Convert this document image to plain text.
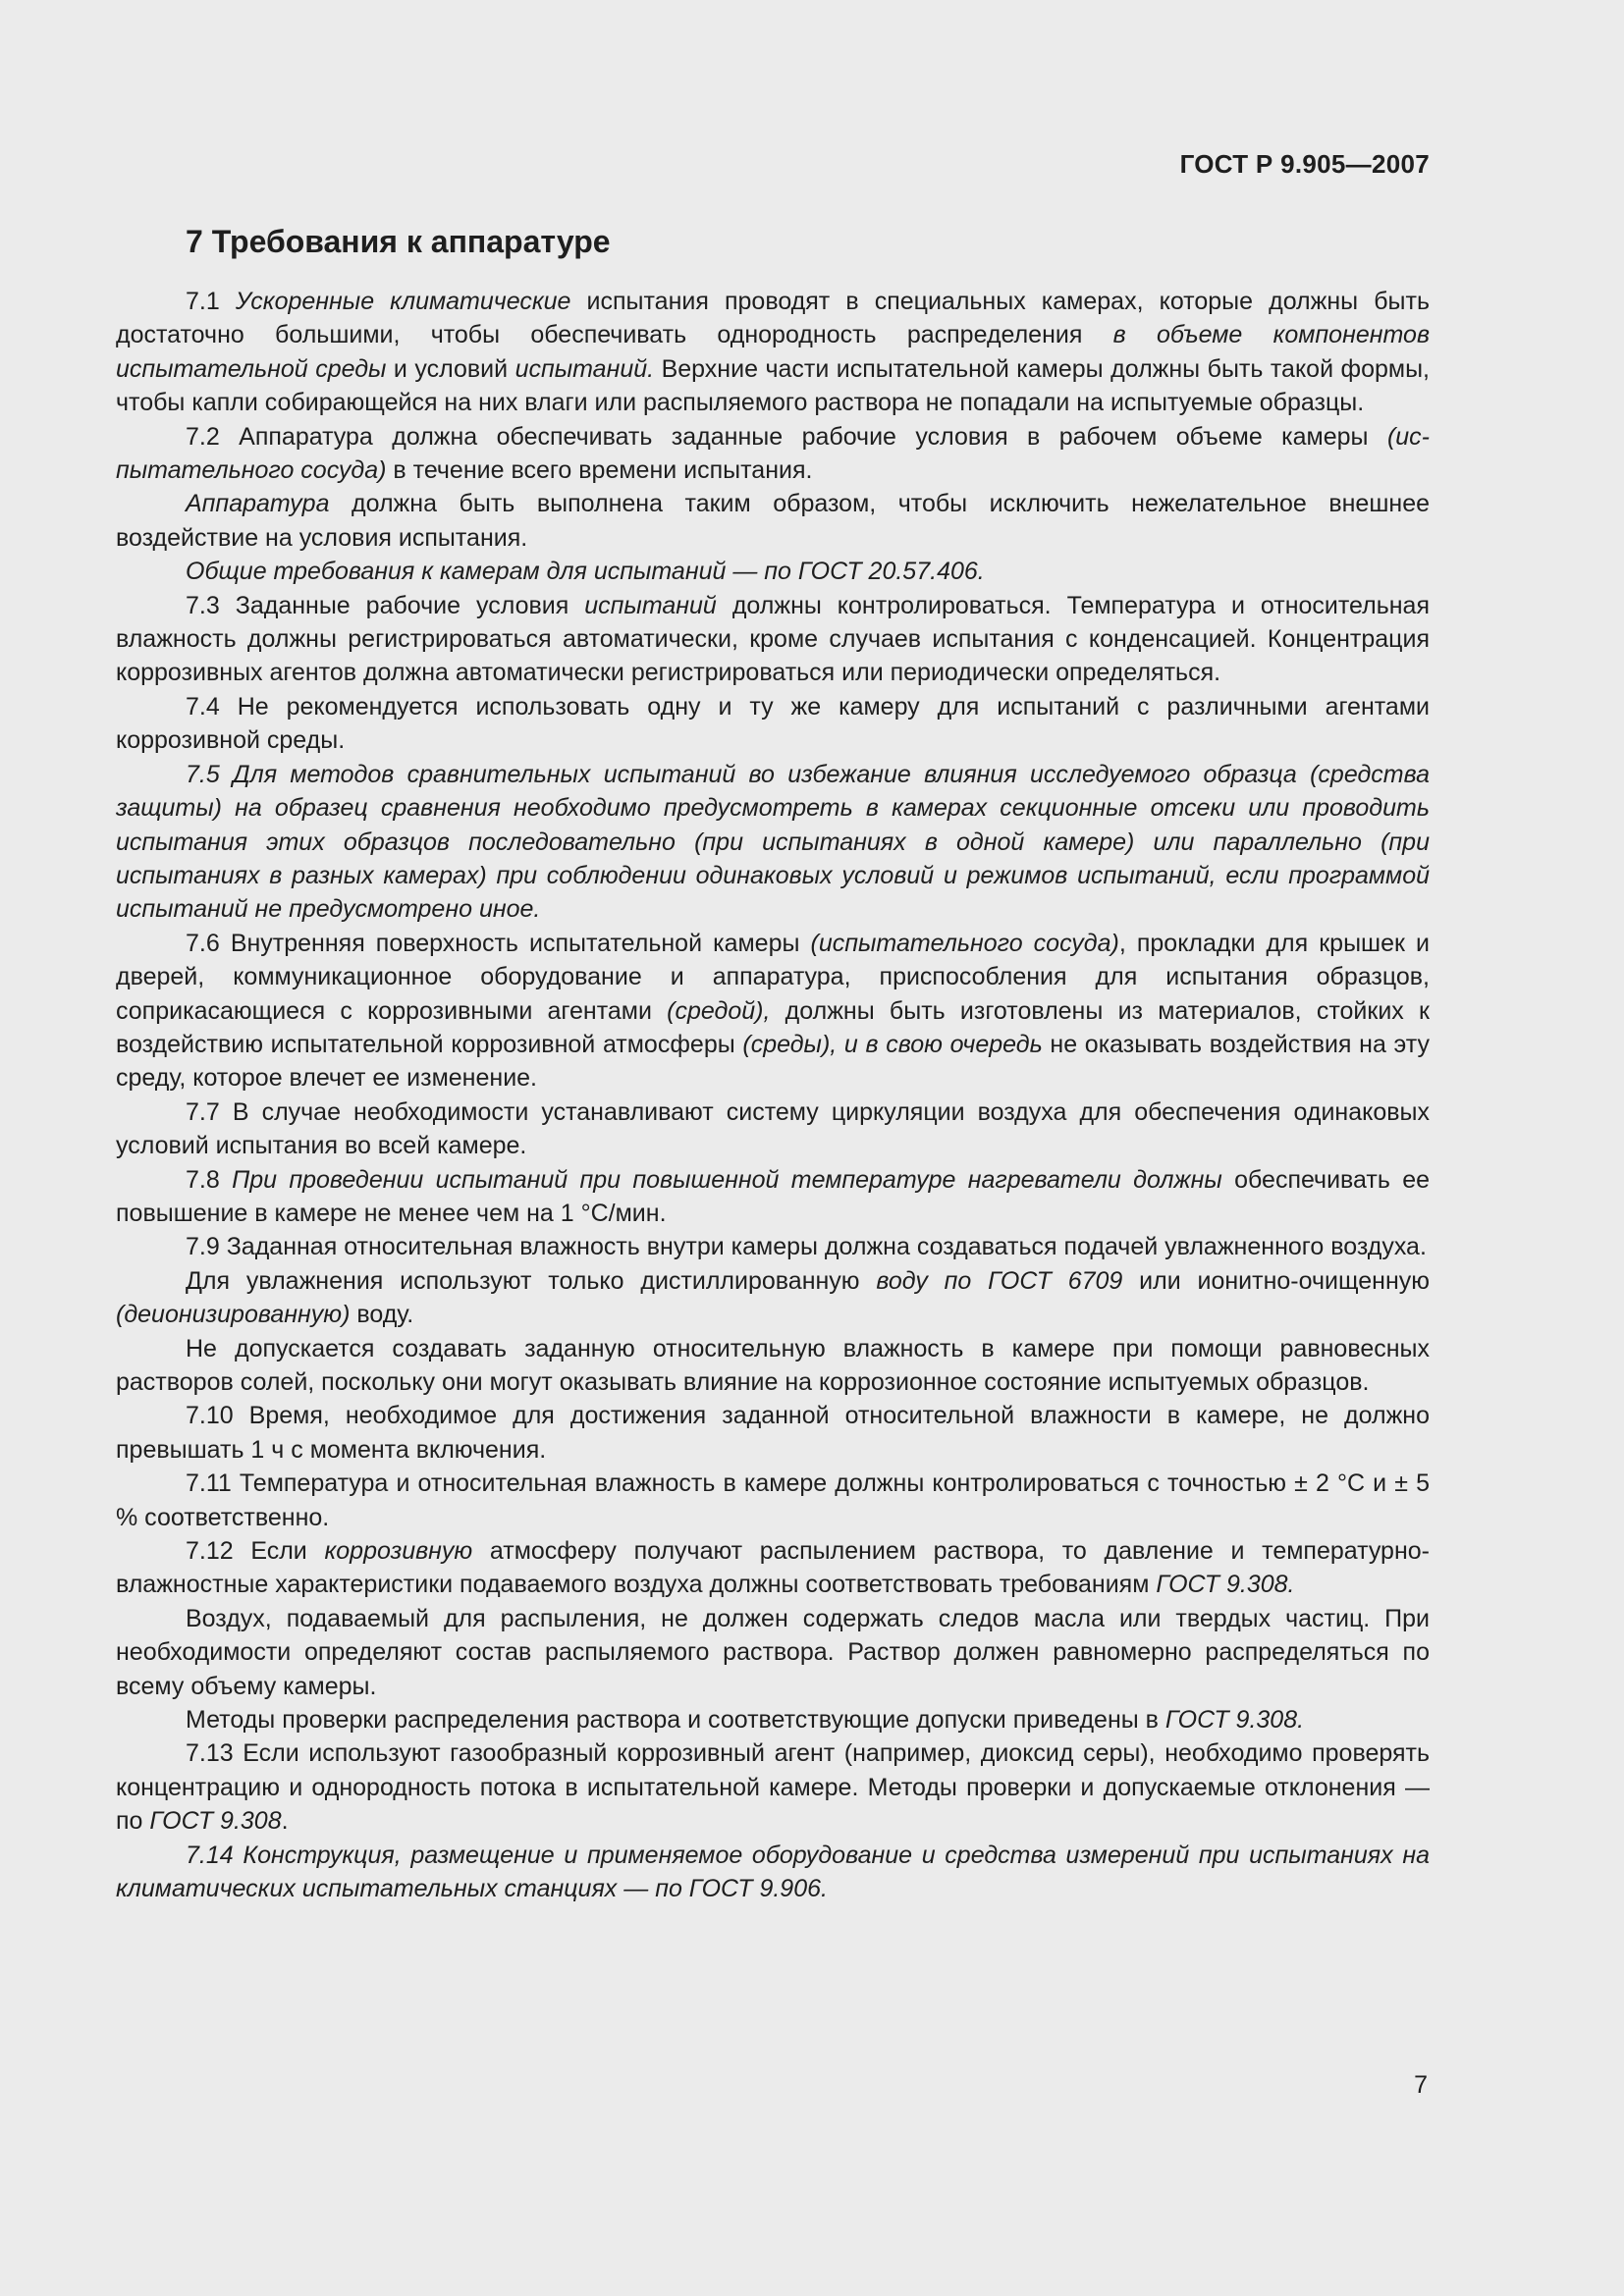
ГОСТ Р 9.905—2007
7 Требования к аппаратуре

7.1 Ускоренные климатические испытания проводят в специальных камерах, которые должны быть достаточно большими, чтобы обеспечивать однородность распределения в объеме компонентов испытательной среды и условий испытаний. Верхние части испытательной камеры должны быть такой формы, чтобы капли собирающейся на них влаги или распыляемого раствора не попадали на испытуемые образцы.

7.2 Аппаратура должна обеспечивать заданные рабочие условия в рабочем объеме камеры (испытательного сосуда) в течение всего времени испытания.

Аппаратура должна быть выполнена таким образом, чтобы исключить нежелательное внешнее воздействие на условия испытания.

Общие требования к камерам для испытаний — по ГОСТ 20.57.406.

7.3 Заданные рабочие условия испытаний должны контролироваться. Температура и относительная влажность должны регистрироваться автоматически, кроме случаев испытания с конденсацией. Концентрация коррозивных агентов должна автоматически регистрироваться или периодически определяться.

7.4 Не рекомендуется использовать одну и ту же камеру для испытаний с различными агентами коррозивной среды.

7.5 Для методов сравнительных испытаний во избежание влияния исследуемого образца (средства защиты) на образец сравнения необходимо предусмотреть в камерах секционные отсеки или проводить испытания этих образцов последовательно (при испытаниях в одной камере) или параллельно (при испытаниях в разных камерах) при соблюдении одинаковых условий и режимов испытаний, если программой испытаний не предусмотрено иное.

7.6 Внутренняя поверхность испытательной камеры (испытательного сосуда), прокладки для крышек и дверей, коммуникационное оборудование и аппаратура, приспособления для испытания образцов, соприкасающиеся с коррозивными агентами (средой), должны быть изготовлены из материалов, стойких к воздействию испытательной коррозивной атмосферы (среды), и в свою очередь не оказывать воздействия на эту среду, которое влечет ее изменение.

7.7 В случае необходимости устанавливают систему циркуляции воздуха для обеспечения одинаковых условий испытания во всей камере.

7.8 При проведении испытаний при повышенной температуре нагреватели должны обеспечивать ее повышение в камере не менее чем на 1 °С/мин.

7.9 Заданная относительная влажность внутри камеры должна создаваться подачей увлажненного воздуха.

Для увлажнения используют только дистиллированную воду по ГОСТ 6709 или ионитно-очищенную (деионизированную) воду.

Не допускается создавать заданную относительную влажность в камере при помощи равновесных растворов солей, поскольку они могут оказывать влияние на коррозионное состояние испытуемых образцов.

7.10 Время, необходимое для достижения заданной относительной влажности в камере, не должно превышать 1 ч с момента включения.

7.11 Температура и относительная влажность в камере должны контролироваться с точностью ± 2 °С и ± 5 % соответственно.

7.12 Если коррозивную атмосферу получают распылением раствора, то давление и температурно-влажностные характеристики подаваемого воздуха должны соответствовать требованиям ГОСТ 9.308.

Воздух, подаваемый для распыления, не должен содержать следов масла или твердых частиц. При необходимости определяют состав распыляемого раствора. Раствор должен равномерно распределяться по всему объему камеры.

Методы проверки распределения раствора и соответствующие допуски приведены в ГОСТ 9.308.

7.13 Если используют газообразный коррозивный агент (например, диоксид серы), необходимо проверять концентрацию и однородность потока в испытательной камере. Методы проверки и допускаемые отклонения — по ГОСТ 9.308.

7.14 Конструкция, размещение и применяемое оборудование и средства измерений при испытаниях на климатических испытательных станциях — по ГОСТ 9.906.

7
